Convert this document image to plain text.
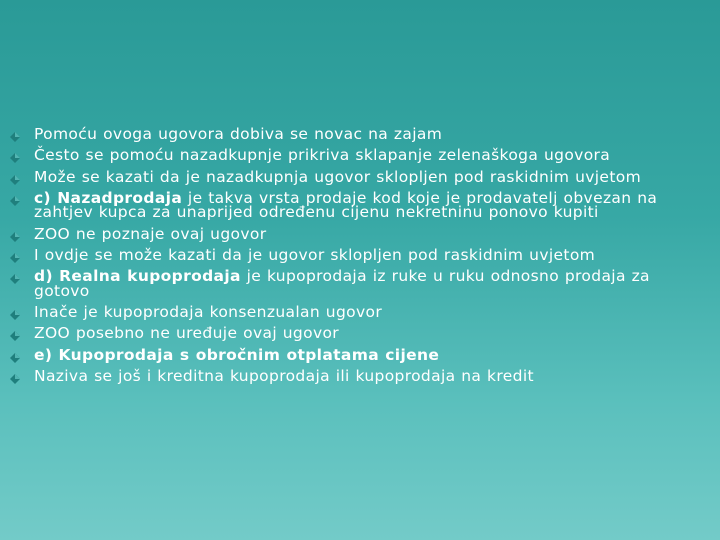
Pomoću ovoga ugovora dobiva se novac na zajam
Često se pomoću nazadkupnje prikriva sklapanje zelenaškoga ugovora
Može se kazati da je nazadkupnja ugovor sklopljen pod raskidnim uvjetom
c) Nazadprodaja je takva vrsta prodaje kod koje je prodavatelj obvezan na zahtjev kupca za unaprijed određenu cijenu nekretninu ponovo kupiti
ZOO ne poznaje ovaj ugovor
I ovdje se može kazati da je ugovor sklopljen pod raskidnim uvjetom
d) Realna kupoprodaja je kupoprodaja iz ruke u ruku odnosno prodaja za gotovo
Inače je kupoprodaja konsenzualan ugovor
ZOO posebno ne uređuje ovaj ugovor
e) Kupoprodaja s obročnim otplatama cijene
Naziva se još i kreditna kupoprodaja ili kupoprodaja na kredit
